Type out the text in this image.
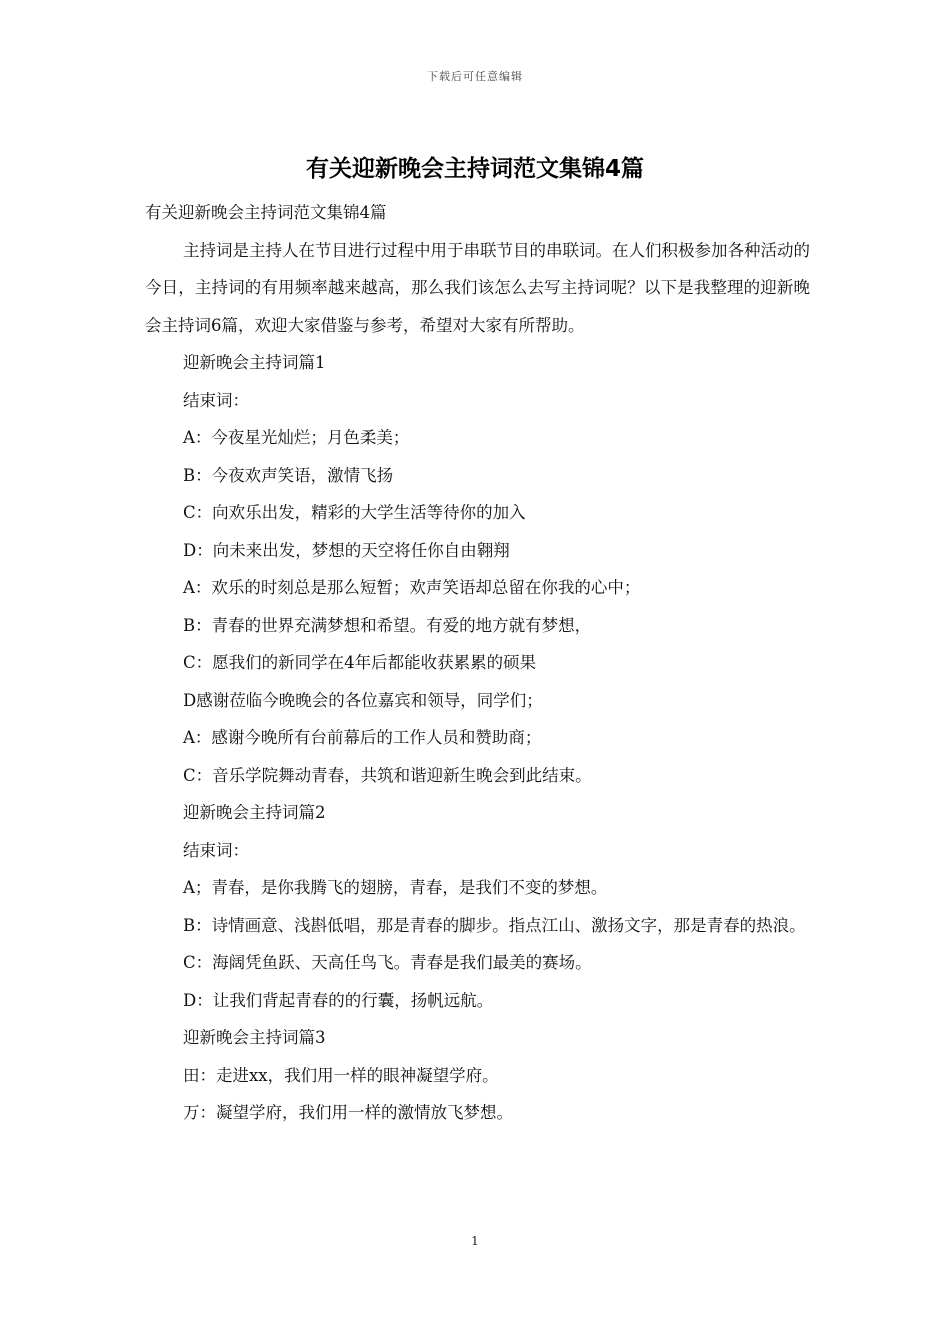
下载后可任意编辑
有关迎新晚会主持词范文集锦4篇

有关迎新晚会主持词范文集锦4篇

主持词是主持人在节目进行过程中用于串联节目的串联词。在人们积极参加各种活动的今日，主持词的有用频率越来越高，那么我们该怎么去写主持词呢？以下是我整理的迎新晚会主持词6篇，欢迎大家借鉴与参考，希望对大家有所帮助。

迎新晚会主持词篇1

结束词：

A：今夜星光灿烂；月色柔美；

B：今夜欢声笑语，激情飞扬

C：向欢乐出发，精彩的大学生活等待你的加入

D：向未来出发，梦想的天空将任你自由翱翔

A：欢乐的时刻总是那么短暂；欢声笑语却总留在你我的心中；

B：青春的世界充满梦想和希望。有爱的地方就有梦想，

C：愿我们的新同学在4年后都能收获累累的硕果

D感谢莅临今晚晚会的各位嘉宾和领导，同学们；

A：感谢今晚所有台前幕后的工作人员和赞助商；

C：音乐学院舞动青春，共筑和谐迎新生晚会到此结束。

迎新晚会主持词篇2

结束词：

A；青春，是你我腾飞的翅膀，青春，是我们不变的梦想。

B：诗情画意、浅斟低唱，那是青春的脚步。指点江山、激扬文字，那是青春的热浪。

C：海阔凭鱼跃、天高任鸟飞。青春是我们最美的赛场。

D：让我们背起青春的的行囊，扬帆远航。

迎新晚会主持词篇3

田：走进xx，我们用一样的眼神凝望学府。

万：凝望学府，我们用一样的激情放飞梦想。

1
